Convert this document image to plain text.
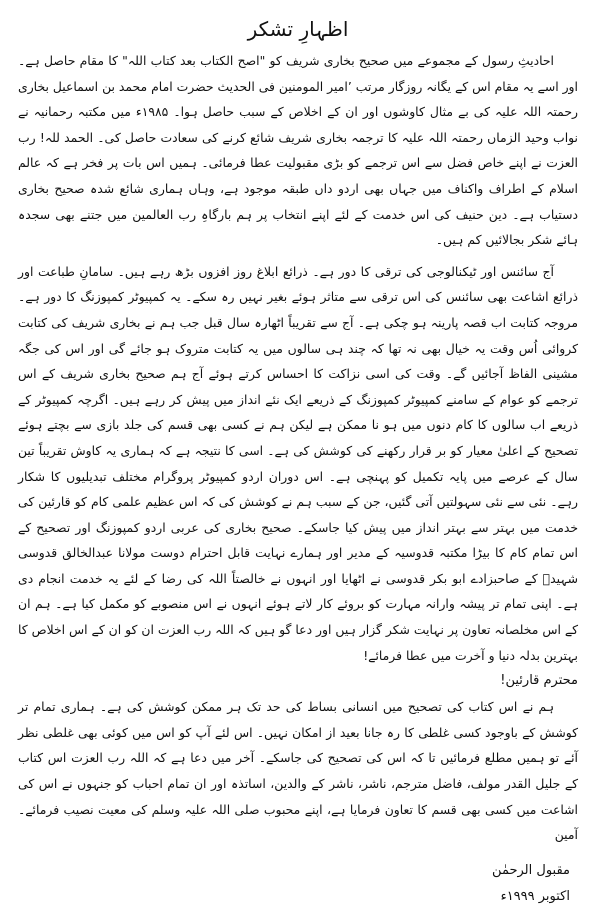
اظہارِ تشکر

احادیثِ رسول کے مجموعے میں صحیح بخاری شریف کو "اصح الکتاب بعد کتاب اللہ" کا مقام حاصل ہے۔ اور اسے یہ مقام اس کے یگانہ روزگار مرتب ’امیر المومنین فی الحدیث حضرت امام محمد بن اسماعیل بخاری رحمتہ اللہ علیہ کی بے مثال کاوشوں اور ان کے اخلاص کے سبب حاصل ہوا۔ ۱۹۸۵ء میں مکتبہ رحمانیہ نے نواب وحید الزماں رحمتہ اللہ علیہ کا ترجمہ بخاری شریف شائع کرنے کی سعادت حاصل کی۔ الحمد للہ! رب العزت نے اپنے خاص فضل سے اس ترجمے کو بڑی مقبولیت عطا فرمائی۔ ہمیں اس بات پر فخر ہے کہ عالم اسلام کے اطراف واکناف میں جہاں بھی اردو داں طبقہ موجود ہے، وہاں ہماری شائع شدہ صحیح بخاری دستیاب ہے۔ دین حنیف کی اس خدمت کے لئے اپنے انتخاب پر ہم بارگاہِ رب العالمین میں جتنے بھی سجدہ ہائے شکر بجالائیں کم ہیں۔

آج سائنس اور ٹیکنالوجی کی ترقی کا دور ہے۔ ذرائع ابلاغ روز افزوں بڑھ رہے ہیں۔ سامانِ طباعت اور ذرائع اشاعت بھی سائنس کی اس ترقی سے متاثر ہوئے بغیر نہیں رہ سکے۔ یہ کمپیوٹر کمپوزنگ کا دور ہے۔ مروجہ کتابت اب قصہ پارینہ ہو چکی ہے۔ آج سے تقریباً اٹھارہ سال قبل جب ہم نے بخاری شریف کی کتابت کروائی اُس وقت یہ خیال بھی نہ تھا کہ چند ہی سالوں میں یہ کتابت متروک ہو جائے گی اور اس کی جگہ مشینی الفاظ آجائیں گے۔ وقت کی اسی نزاکت کا احساس کرتے ہوئے آج ہم صحیح بخاری شریف کے اس ترجمے کو عوام کے سامنے کمپیوٹر کمپوزنگ کے ذریعے ایک نئے انداز میں پیش کر رہے ہیں۔ اگرچہ کمپیوٹر کے ذریعے اب سالوں کا کام دنوں میں ہو نا ممکن ہے لیکن ہم نے کسی بھی قسم کی جلد بازی سے بچتے ہوئے تصحیح کے اعلیٰ معیار کو بر قرار رکھنے کی کوشش کی ہے۔ اسی کا نتیجہ ہے کہ ہماری یہ کاوش تقریباً تین سال کے عرصے میں پایہ تکمیل کو پہنچی ہے۔ اس دوران اردو کمپیوٹر پروگرام مختلف تبدیلیوں کا شکار رہے۔ نئی سے نئی سہولتیں آتی گئیں، جن کے سبب ہم نے کوشش کی کہ اس عظیم علمی کام کو قارئین کی خدمت میں بہتر سے بہتر انداز میں پیش کیا جاسکے۔ صحیح بخاری کی عربی اردو کمپوزنگ اور تصحیح کے اس تمام کام کا بیڑا مکتبہ قدوسیہ کے مدیر اور ہمارے نہایت قابل احترام دوست مولانا عبدالخالق قدوسی شہیدؒ کے صاحبزادے ابو بکر قدوسی نے اٹھایا اور انہوں نے خالصتاً اللہ کی رضا کے لئے یہ خدمت انجام دی ہے۔ اپنی تمام تر پیشہ وارانہ مہارت کو بروئے کار لاتے ہوئے انہوں نے اس منصوبے کو مکمل کیا ہے۔ ہم ان کے اس مخلصانہ تعاون پر نہایت شکر گزار ہیں اور دعا گو ہیں کہ اللہ رب العزت ان کو ان کے اس اخلاص کا بہترین بدلہ دنیا و آخرت میں عطا فرمائے!

محترم قارئین!

ہم نے اس کتاب کی تصحیح میں انسانی بساط کی حد تک ہر ممکن کوشش کی ہے۔ ہماری تمام تر کوشش کے باوجود کسی غلطی کا رہ جانا بعید از امکان نہیں۔ اس لئے آپ کو اس میں کوئی بھی غلطی نظر آئے تو ہمیں مطلع فرمائیں تا کہ اس کی تصحیح کی جاسکے۔ آخر میں دعا ہے کہ اللہ رب العزت اس کتاب کے جلیل القدر مولف، فاضل مترجم، ناشر، ناشر کے والدین، اساتذہ اور ان تمام احباب کو جنہوں نے اس کی اشاعت میں کسی بھی قسم کا تعاون فرمایا ہے، اپنے محبوب صلی اللہ علیہ وسلم کی معیت نصیب فرمائے۔ آمین

مقبول الرحمٰن
اکتوبر ۱۹۹۹ء
